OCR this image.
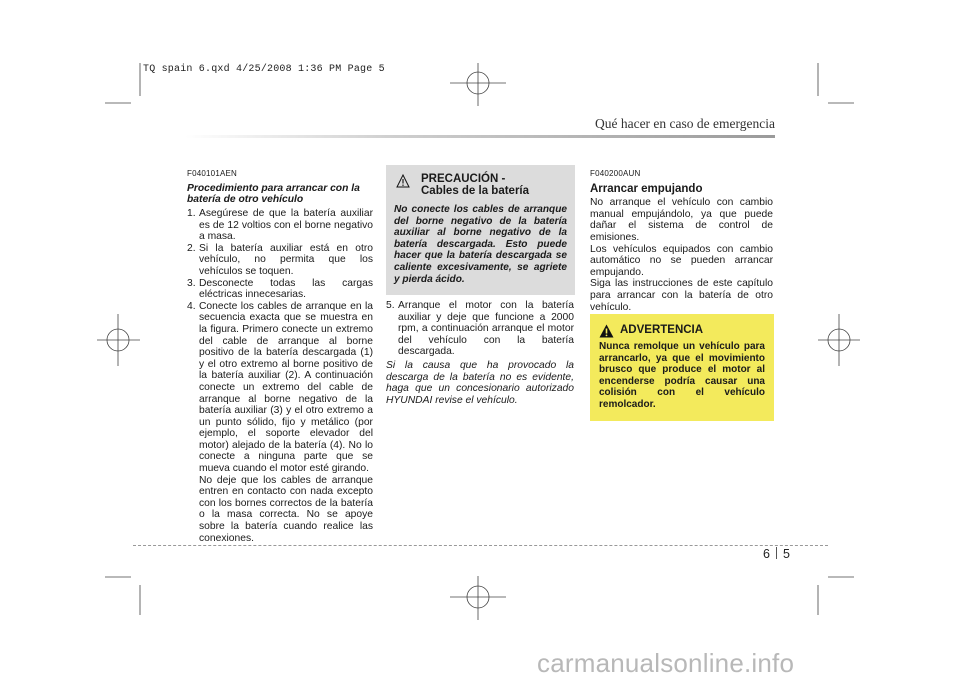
TQ spain 6.qxd 4/25/2008 1:36 PM Page 5
Qué hacer en caso de emergencia
F040101AEN
Procedimiento para arrancar con la batería de otro vehículo
1. Asegúrese de que la batería auxiliar es de 12 voltios con el borne negativo a masa.
2. Si la batería auxiliar está en otro vehículo, no permita que los vehículos se toquen.
3. Desconecte todas las cargas eléctricas innecesarias.
4. Conecte los cables de arranque en la secuencia exacta que se muestra en la figura. Primero conecte un extremo del cable de arranque al borne positivo de la batería descargada (1) y el otro extremo al borne positivo de la batería auxiliar (2). A continuación conecte un extremo del cable de arranque al borne negativo de la batería auxiliar (3) y el otro extremo a un punto sólido, fijo y metálico (por ejemplo, el soporte elevador del motor) alejado de la batería (4). No lo conecte a ninguna parte que se mueva cuando el motor esté girando.
No deje que los cables de arranque entren en contacto con nada excepto con los bornes correctos de la batería o la masa correcta. No se apoye sobre la batería cuando realice las conexiones.
PRECAUCIÓN -
Cables de la batería
No conecte los cables de arranque del borne negativo de la batería auxiliar al borne negativo de la batería descargada. Esto puede hacer que la batería descargada se caliente excesivamente, se agriete y pierda ácido.
5. Arranque el motor con la batería auxiliar y deje que funcione a 2000 rpm, a continuación arranque el motor del vehículo con la batería descargada.
Si la causa que ha provocado la descarga de la batería no es evidente, haga que un concesionario autorizado HYUNDAI revise el vehículo.
F040200AUN
Arrancar empujando
No arranque el vehículo con cambio manual empujándolo, ya que puede dañar el sistema de control de emisiones.
Los vehículos equipados con cambio automático no se pueden arrancar empujando.
Siga las instrucciones de este capítulo para arrancar con la batería de otro vehículo.
ADVERTENCIA
Nunca remolque un vehículo para arrancarlo, ya que el movimiento brusco que produce el motor al encenderse podría causar una colisión con el vehículo remolcador.
6 5
carmanualsonline.info
